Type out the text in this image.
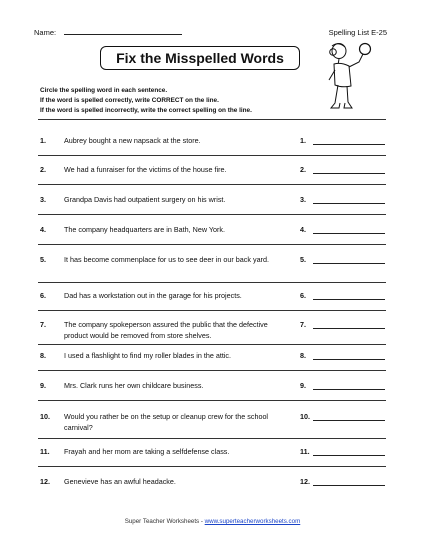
Name:	Spelling List E-25
Fix the Misspelled Words
Circle the spelling word in each sentence.
If the word is spelled correctly, write CORRECT on the line.
If the word is spelled incorrectly, write the correct spelling on the line.
1.	Aubrey bought a new napsack at the store.	1.
2.	We had a funraiser for the victims of the house fire.	2.
3.	Grandpa Davis had outpatient surgery on his wrist.	3.
4.	The company headquarters are in Bath, New York.	4.
5.	It has become commenplace for us to see deer in our back yard.	5.
6.	Dad has a workstation out in the garage for his projects.	6.
7.	The company spokeperson assured the public that the defective product would be removed from store shelves.
7.
8.	I used a flashlight to find my roller blades in the attic.	8.
9.	Mrs. Clark runs her own childcare business.	9.
10. Would you rather be on the setup or cleanup crew for the school carnival?
10.
11. Frayah and her mom are taking a selfdefense class.	11.
12. Genevieve has an awful headacke.	12.
Super Teacher Worksheets - www.superteacherworksheets.com
